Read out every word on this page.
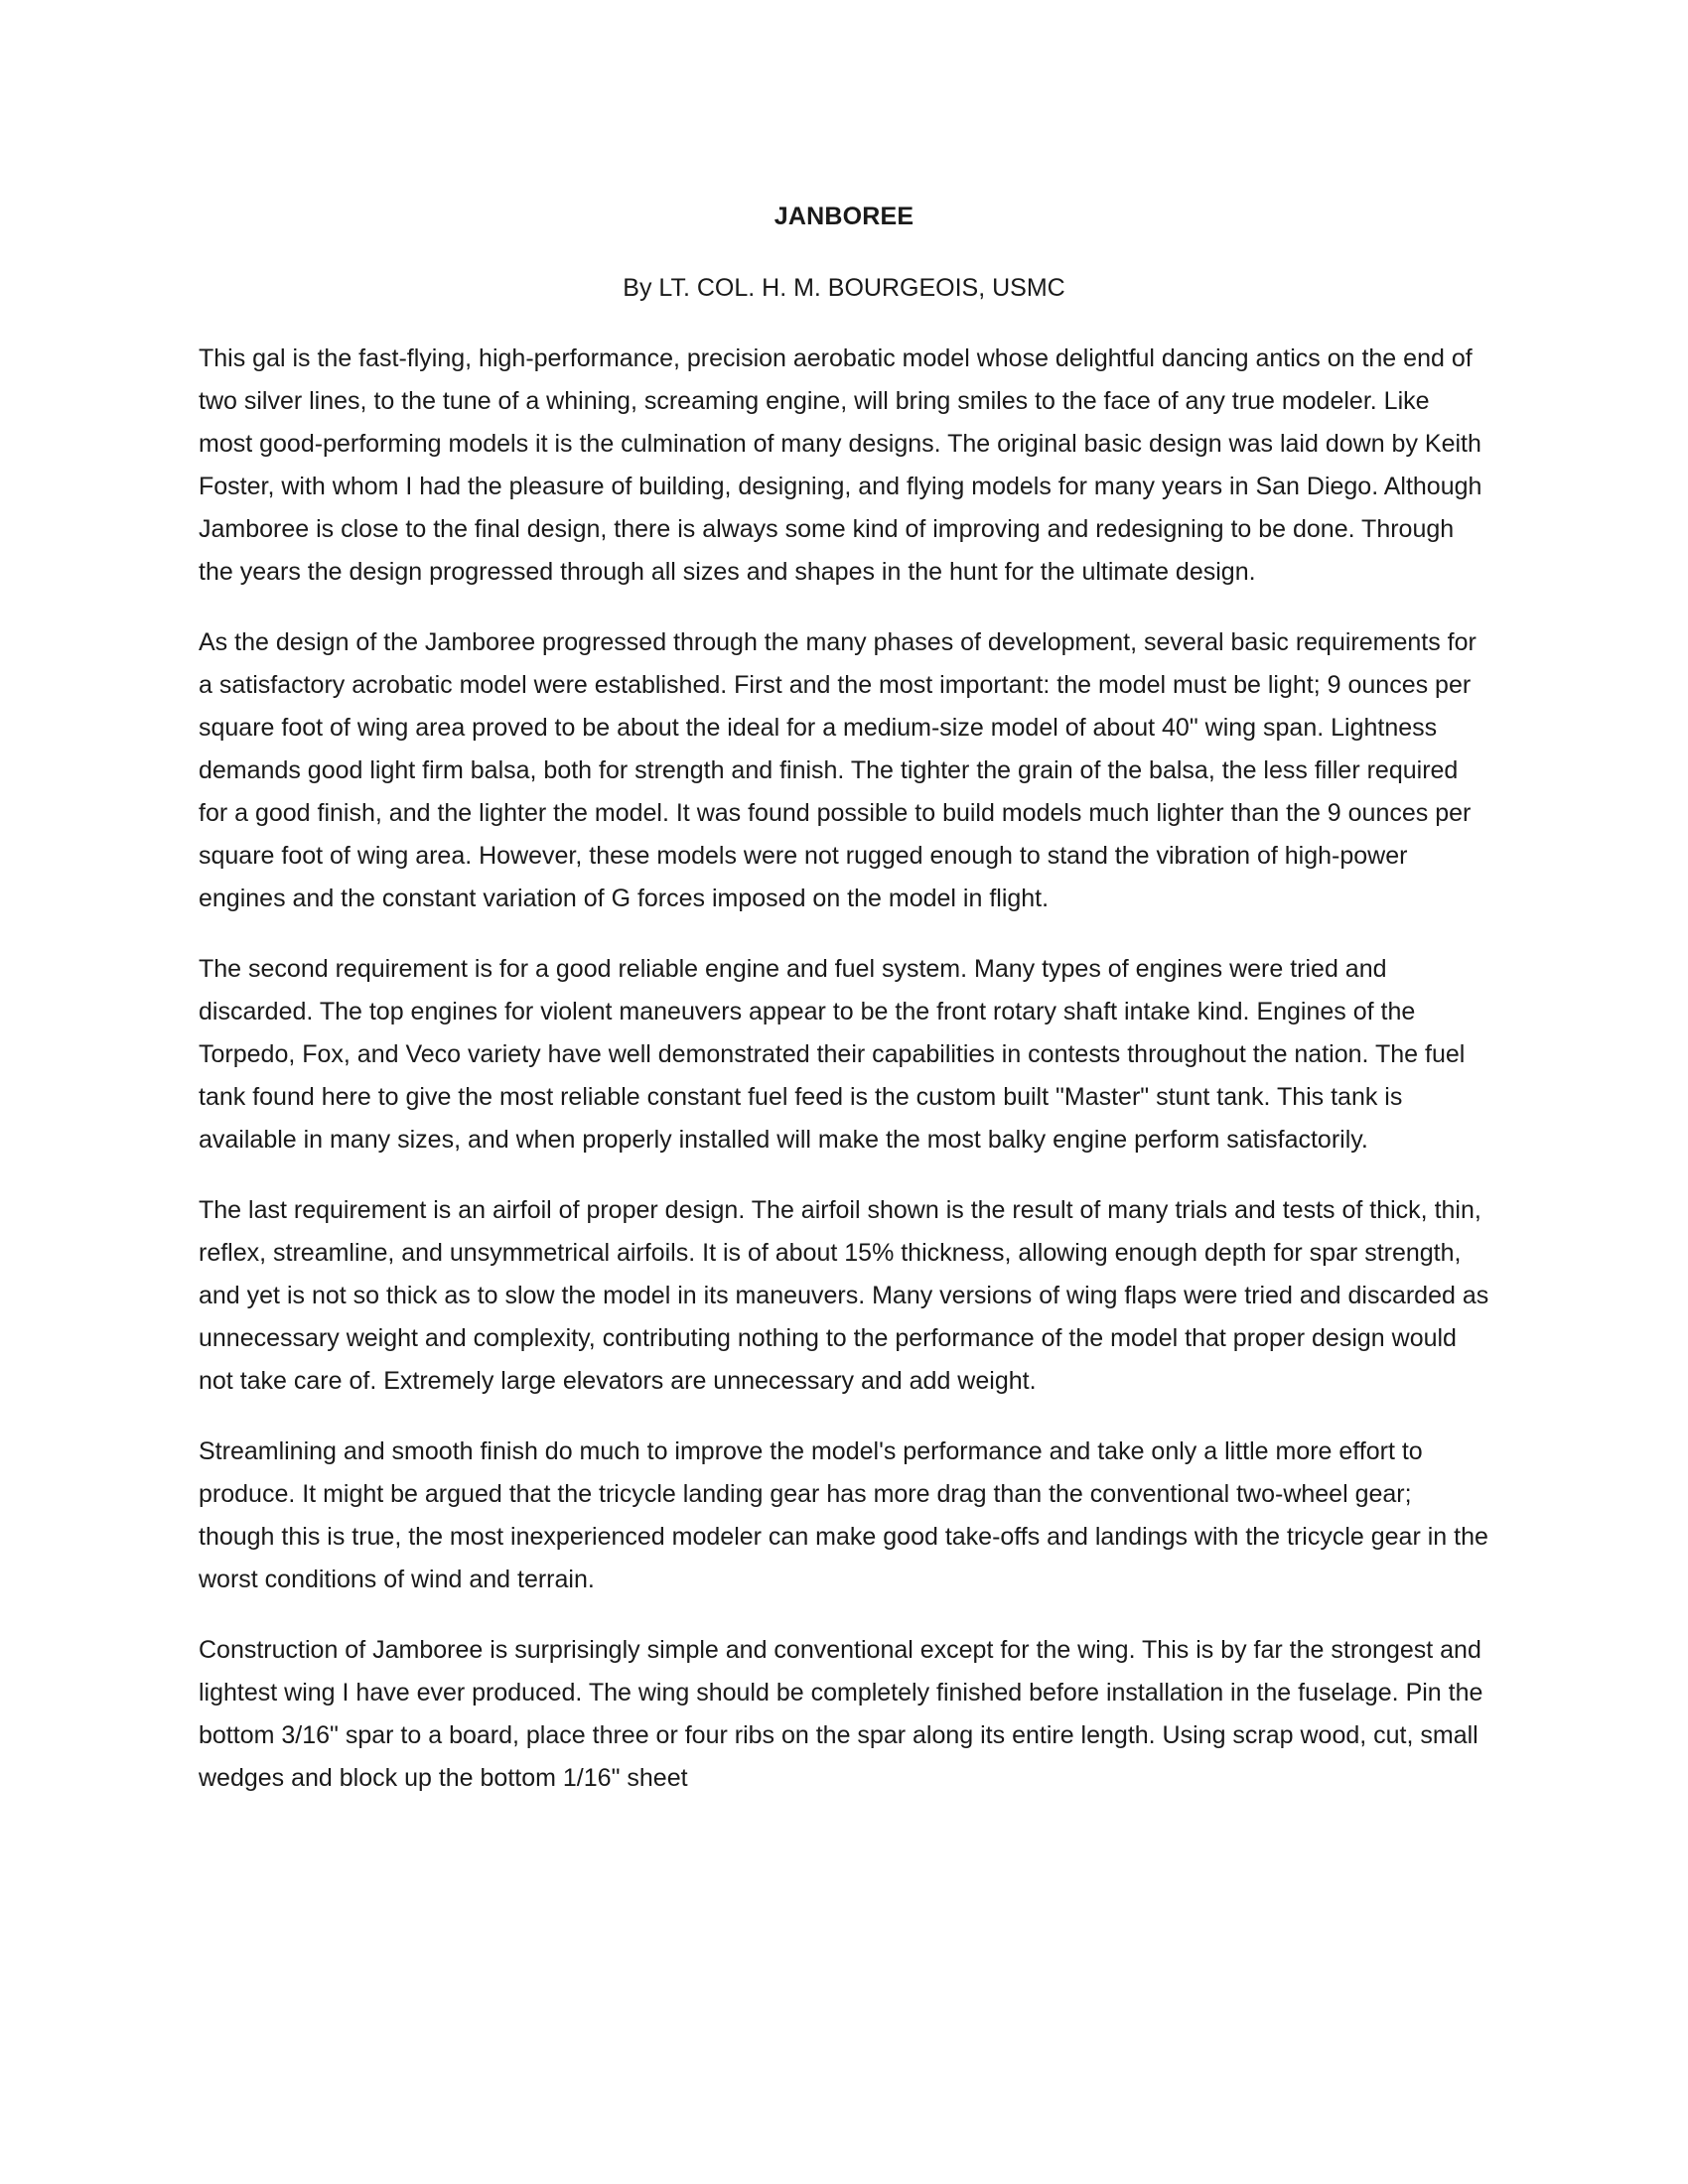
JANBOREE
By LT. COL. H. M. BOURGEOIS, USMC

This gal is the fast-flying, high-performance, precision aerobatic model whose delightful dancing antics on the end of two silver lines, to the tune of a whining, screaming engine, will bring smiles to the face of any true modeler. Like most good-performing models it is the culmination of many designs. The original basic design was laid down by Keith Foster, with whom I had the pleasure of building, designing, and flying models for many years in San Diego. Although Jamboree is close to the final design, there is always some kind of improving and redesigning to be done. Through the years the design progressed through all sizes and shapes in the hunt for the ultimate design.

As the design of the Jamboree progressed through the many phases of development, several basic requirements for a satisfactory acrobatic model were established. First and the most important: the model must be light; 9 ounces per square foot of wing area proved to be about the ideal for a medium-size model of about 40" wing span. Lightness demands good light firm balsa, both for strength and finish. The tighter the grain of the balsa, the less filler required for a good finish, and the lighter the model. It was found possible to build models much lighter than the 9 ounces per square foot of wing area. However, these models were not rugged enough to stand the vibration of high-power engines and the constant variation of G forces imposed on the model in flight.

The second requirement is for a good reliable engine and fuel system. Many types of engines were tried and discarded. The top engines for violent maneuvers appear to be the front rotary shaft intake kind. Engines of the Torpedo, Fox, and Veco variety have well demonstrated their capabilities in contests throughout the nation. The fuel tank found here to give the most reliable constant fuel feed is the custom built "Master" stunt tank. This tank is available in many sizes, and when properly installed will make the most balky engine perform satisfactorily.

The last requirement is an airfoil of proper design. The airfoil shown is the result of many trials and tests of thick, thin, reflex, streamline, and unsymmetrical airfoils. It is of about 15% thickness, allowing enough depth for spar strength, and yet is not so thick as to slow the model in its maneuvers. Many versions of wing flaps were tried and discarded as unnecessary weight and complexity, contributing nothing to the performance of the model that proper design would not take care of. Extremely large elevators are unnecessary and add weight.

Streamlining and smooth finish do much to improve the model's performance and take only a little more effort to produce. It might be argued that the tricycle landing gear has more drag than the conventional two-wheel gear; though this is true, the most inexperienced modeler can make good take-offs and landings with the tricycle gear in the worst conditions of wind and terrain.

Construction of Jamboree is surprisingly simple and conventional except for the wing. This is by far the strongest and lightest wing I have ever produced. The wing should be completely finished before installation in the fuselage. Pin the bottom 3/16" spar to a board, place three or four ribs on the spar along its entire length. Using scrap wood, cut, small wedges and block up the bottom 1/16" sheet
